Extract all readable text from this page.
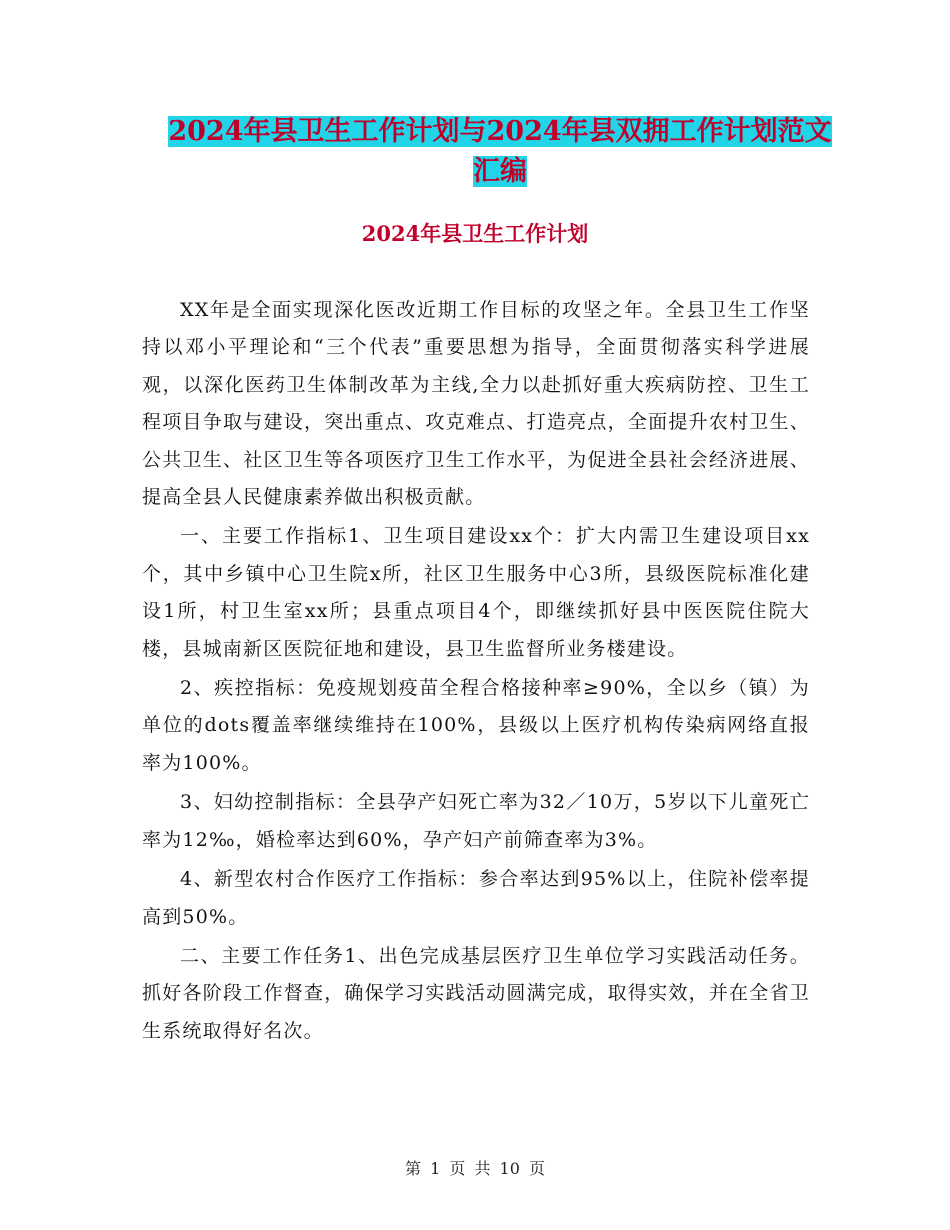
2024年县卫生工作计划与2024年县双拥工作计划范文
汇编
2024年县卫生工作计划

XX年是全面实现深化医改近期工作目标的攻坚之年。全县卫生工作坚持以邓小平理论和“三个代表”重要思想为指导，全面贯彻落实科学进展观，以深化医药卫生体制改革为主线,全力以赴抓好重大疾病防控、卫生工程项目争取与建设，突出重点、攻克难点、打造亮点，全面提升农村卫生、公共卫生、社区卫生等各项医疗卫生工作水平，为促进全县社会经济进展、提高全县人民健康素养做出积极贡献。

一、主要工作指标1、卫生项目建设xx个：扩大内需卫生建设项目xx个，其中乡镇中心卫生院x所，社区卫生服务中心3所，县级医院标准化建设1所，村卫生室xx所；县重点项目4个，即继续抓好县中医医院住院大楼，县城南新区医院征地和建设，县卫生监督所业务楼建设。

2、疾控指标：免疫规划疫苗全程合格接种率≥90%，全以乡（镇）为单位的dots覆盖率继续维持在100%，县级以上医疗机构传染病网络直报率为100%。

3、妇幼控制指标：全县孕产妇死亡率为32／10万，5岁以下儿童死亡率为12‰，婚检率达到60%，孕产妇产前筛查率为3%。

4、新型农村合作医疗工作指标：参合率达到95%以上，住院补偿率提高到50%。

二、主要工作任务1、出色完成基层医疗卫生单位学习实践活动任务。抓好各阶段工作督查，确保学习实践活动圆满完成，取得实效，并在全省卫生系统取得好名次。

第 1 页 共 10 页
